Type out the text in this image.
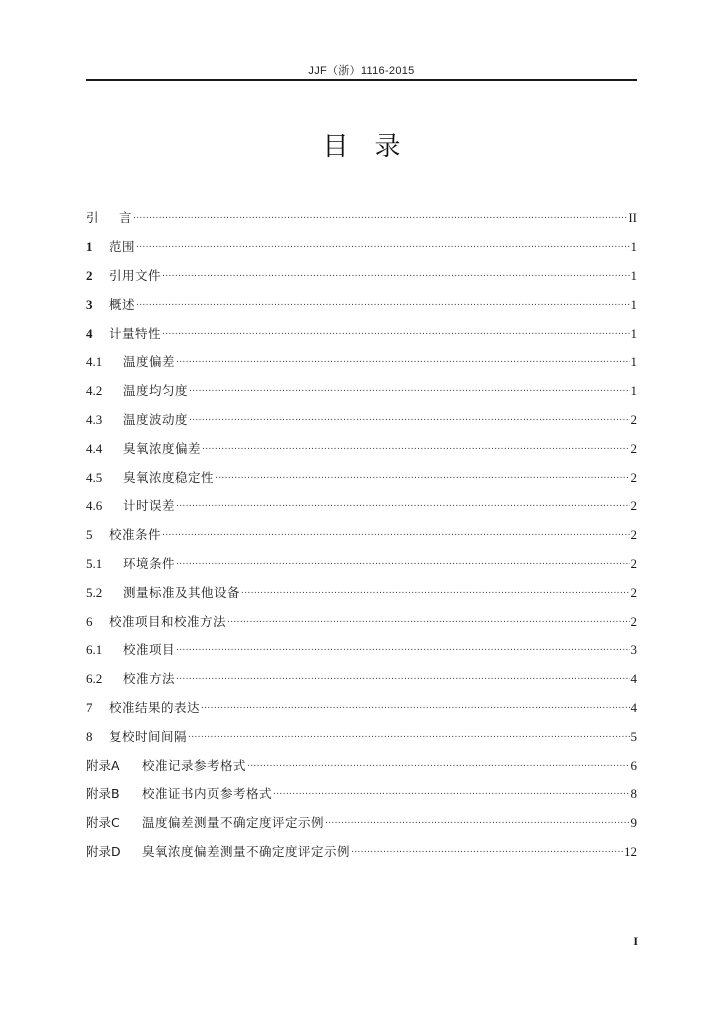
JJF（浙）1116-2015
目录
引	言 .....	II
1	范围 .....	1
2	引用文件 .....	1
3	概述 .....	1
4	计量特性 .....	1
4.1	温度偏差 .....	1
4.2	温度均匀度 .....	1
4.3	温度波动度 .....	2
4.4	臭氧浓度偏差 .....	2
4.5	臭氧浓度稳定性 .....	2
4.6	计时误差 .....	2
5	校准条件 .....	2
5.1	环境条件 .....	2
5.2	测量标准及其他设备 .....	2
6	校准项目和校准方法 .....	2
6.1	校准项目 .....	3
6.2	校准方法 .....	4
7	校准结果的表达 .....	4
8	复校时间间隔 .....	5
附录A	校准记录参考格式 .....	6
附录B	校准证书内页参考格式 .....	8
附录C	温度偏差测量不确定度评定示例 .....	9
附录D	臭氧浓度偏差测量不确定度评定示例 .....	12
I
